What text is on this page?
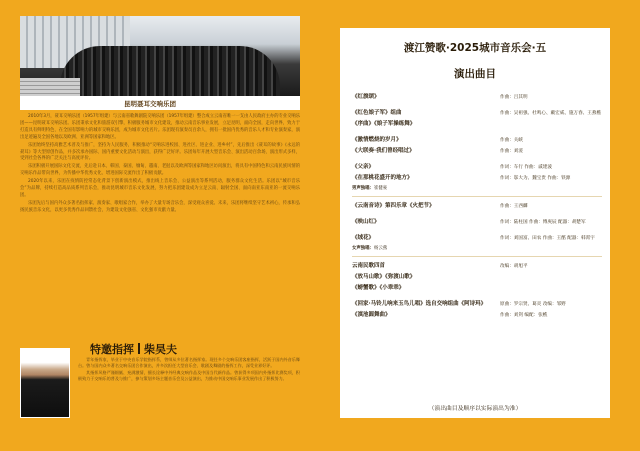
昆明聂耳交响乐团

2010年3月，聂耳交响乐团（1957年组建）与云南省歌舞剧院交响乐团（1957年组建）整合成立云南省唯一一支由人民政府主办的专业交响乐团——昆明聂耳交响乐团。乐团秉承文化和旅游双引擎，积极服务城市文化建设，推动云南音乐事业发展，立足昆明，面向全国，走向世界，致力于打造具有鲜明特色、在全国有影响力的城市交响乐团，成为城市文化名片。乐团现有演奏员百余人，拥有一批国内优秀的音乐人才和专业演奏家，演出足迹遍及全国各地以及欧洲、亚洲等国家和地区。

乐团始终坚持高雅艺术普及与推广，坚持为人民服务，积极推动“交响乐进校园、进社区、进企业、进乡村”，先后推出《聂耳的故事》《永远的聂耳》等大型原创作品，并多次承办国际、国内重要文化活动与演出，获得广泛好评。乐团每年开展大型音乐会、演出活动百余场，演出形式多样，受到社会各界的广泛关注与高度评价。

乐团积极开展国际文化交流，先后赴日本、韩国、泰国、缅甸、越南、老挝以及欧洲等国家和地区访问演出，将具有中国特色和云南民族风情的交响乐作品带向世界，为传播中华优秀文化、增进国际交流作出了积极贡献。

2020年以来，乐团在疫情防控常态化背景下创新演出模式，推出线上音乐会、公益演出等系列活动，服务群众文化生活。乐团以“城市音乐会”为品牌，持续打造高品质系列音乐会，推动昆明城市音乐文化发展，努力把乐团建设成为立足云南、辐射全国、面向南亚东南亚的一流交响乐团。

乐团先后与国内外众多著名指挥家、演奏家、歌唱家合作，举办了大量专场音乐会，深受观众喜爱。未来，乐团将继续坚守艺术初心，传承和弘扬民族音乐文化，以更多优秀作品回馈社会，为建设文化强省、文化强市贡献力量。

特邀指挥 柴昊夫

青年指挥家，毕业于中央音乐学院指挥系，曾师从多位著名指挥家。现任多个交响乐团客座指挥，活跃于国内外音乐舞台。曾与国内众多著名交响乐团合作演出，并多次担任大型音乐会、歌剧及舞剧的指挥工作，深受业界好评。

其指挥风格严谨细腻、充满激情，擅长诠释中外经典交响作品及中国当代新作品。曾获得多项国内外指挥比赛奖项，积极致力于交响乐的普及与推广，参与策划多场主题音乐会及公益演出，为推动中国交响乐事业发展作出了积极努力。

渡江赞歌·2025城市音乐会·五
演出曲目
《红旗颂》	作曲：吕其明
《红色娘子军》组曲	作曲：吴祖强、杜鸣心、戴宏威、施万春、王燕樵
《序曲》《娘子军操练舞》
《激情燃烧的岁月》	作曲：关峡
《大联奏·我们曾经唱过》	作曲：刘湲
《父亲》	作词：车行 作曲：戚建波
《在那桃花盛开的地方》	作词：邬大为、魏宝贵 作曲：铁源
男声独唱：崔健豪
《云南音诗》第四乐章《火把节》	作曲：王西麟
《映山红》	作词：陆柱国 作曲：傅庚辰 配器：胡楚军
《绒花》	作词：刘国富、田农 作曲：王酩 配器：韩霄宇
女声独唱：杨云燕
云南民歌四首	改编：胡旭平
《放马山歌》《弥渡山歌》
《螃蟹歌》《小乖乖》
《回家·马铃儿响来玉鸟儿唱》选自交响组曲《阿诗玛》	原曲：罗宗贤、葛炎 改编：邹野
《滇池圆舞曲》	作曲：刘剑 编配：张樵
（演出曲目及顺序以实际演出为准）
